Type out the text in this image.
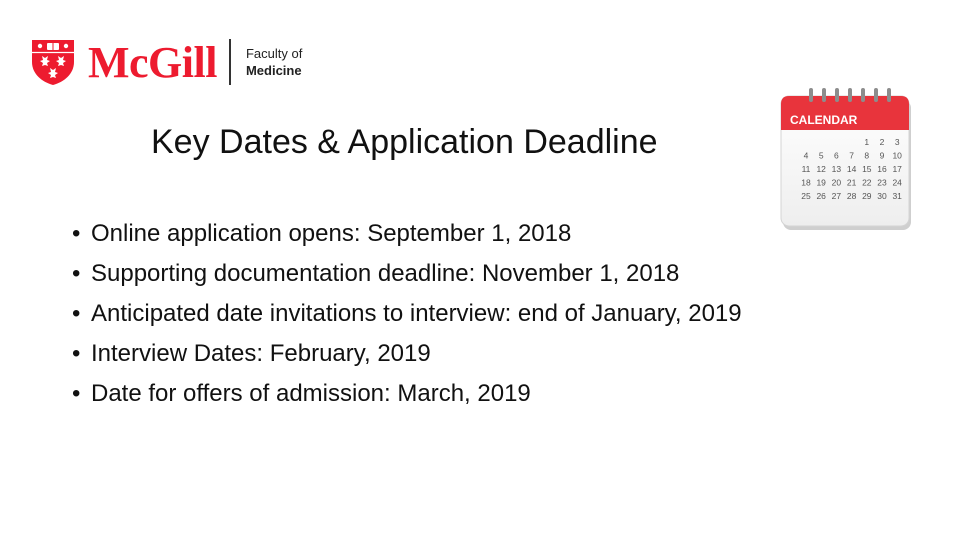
McGill Faculty of
Medicine
Key Dates & Application Deadline
CALENDAR
1 2 3
4 5 6 7 8 9 10
11 12 13 14 15 16 17
18 19 20 21 22 23 24
25 26 27 28 29 30 31
• Online application opens: September 1, 2018
• Supporting documentation deadline: November 1, 2018
• Anticipated date invitations to interview: end of January, 2019
• Interview Dates: February, 2019
• Date for offers of admission: March, 2019
